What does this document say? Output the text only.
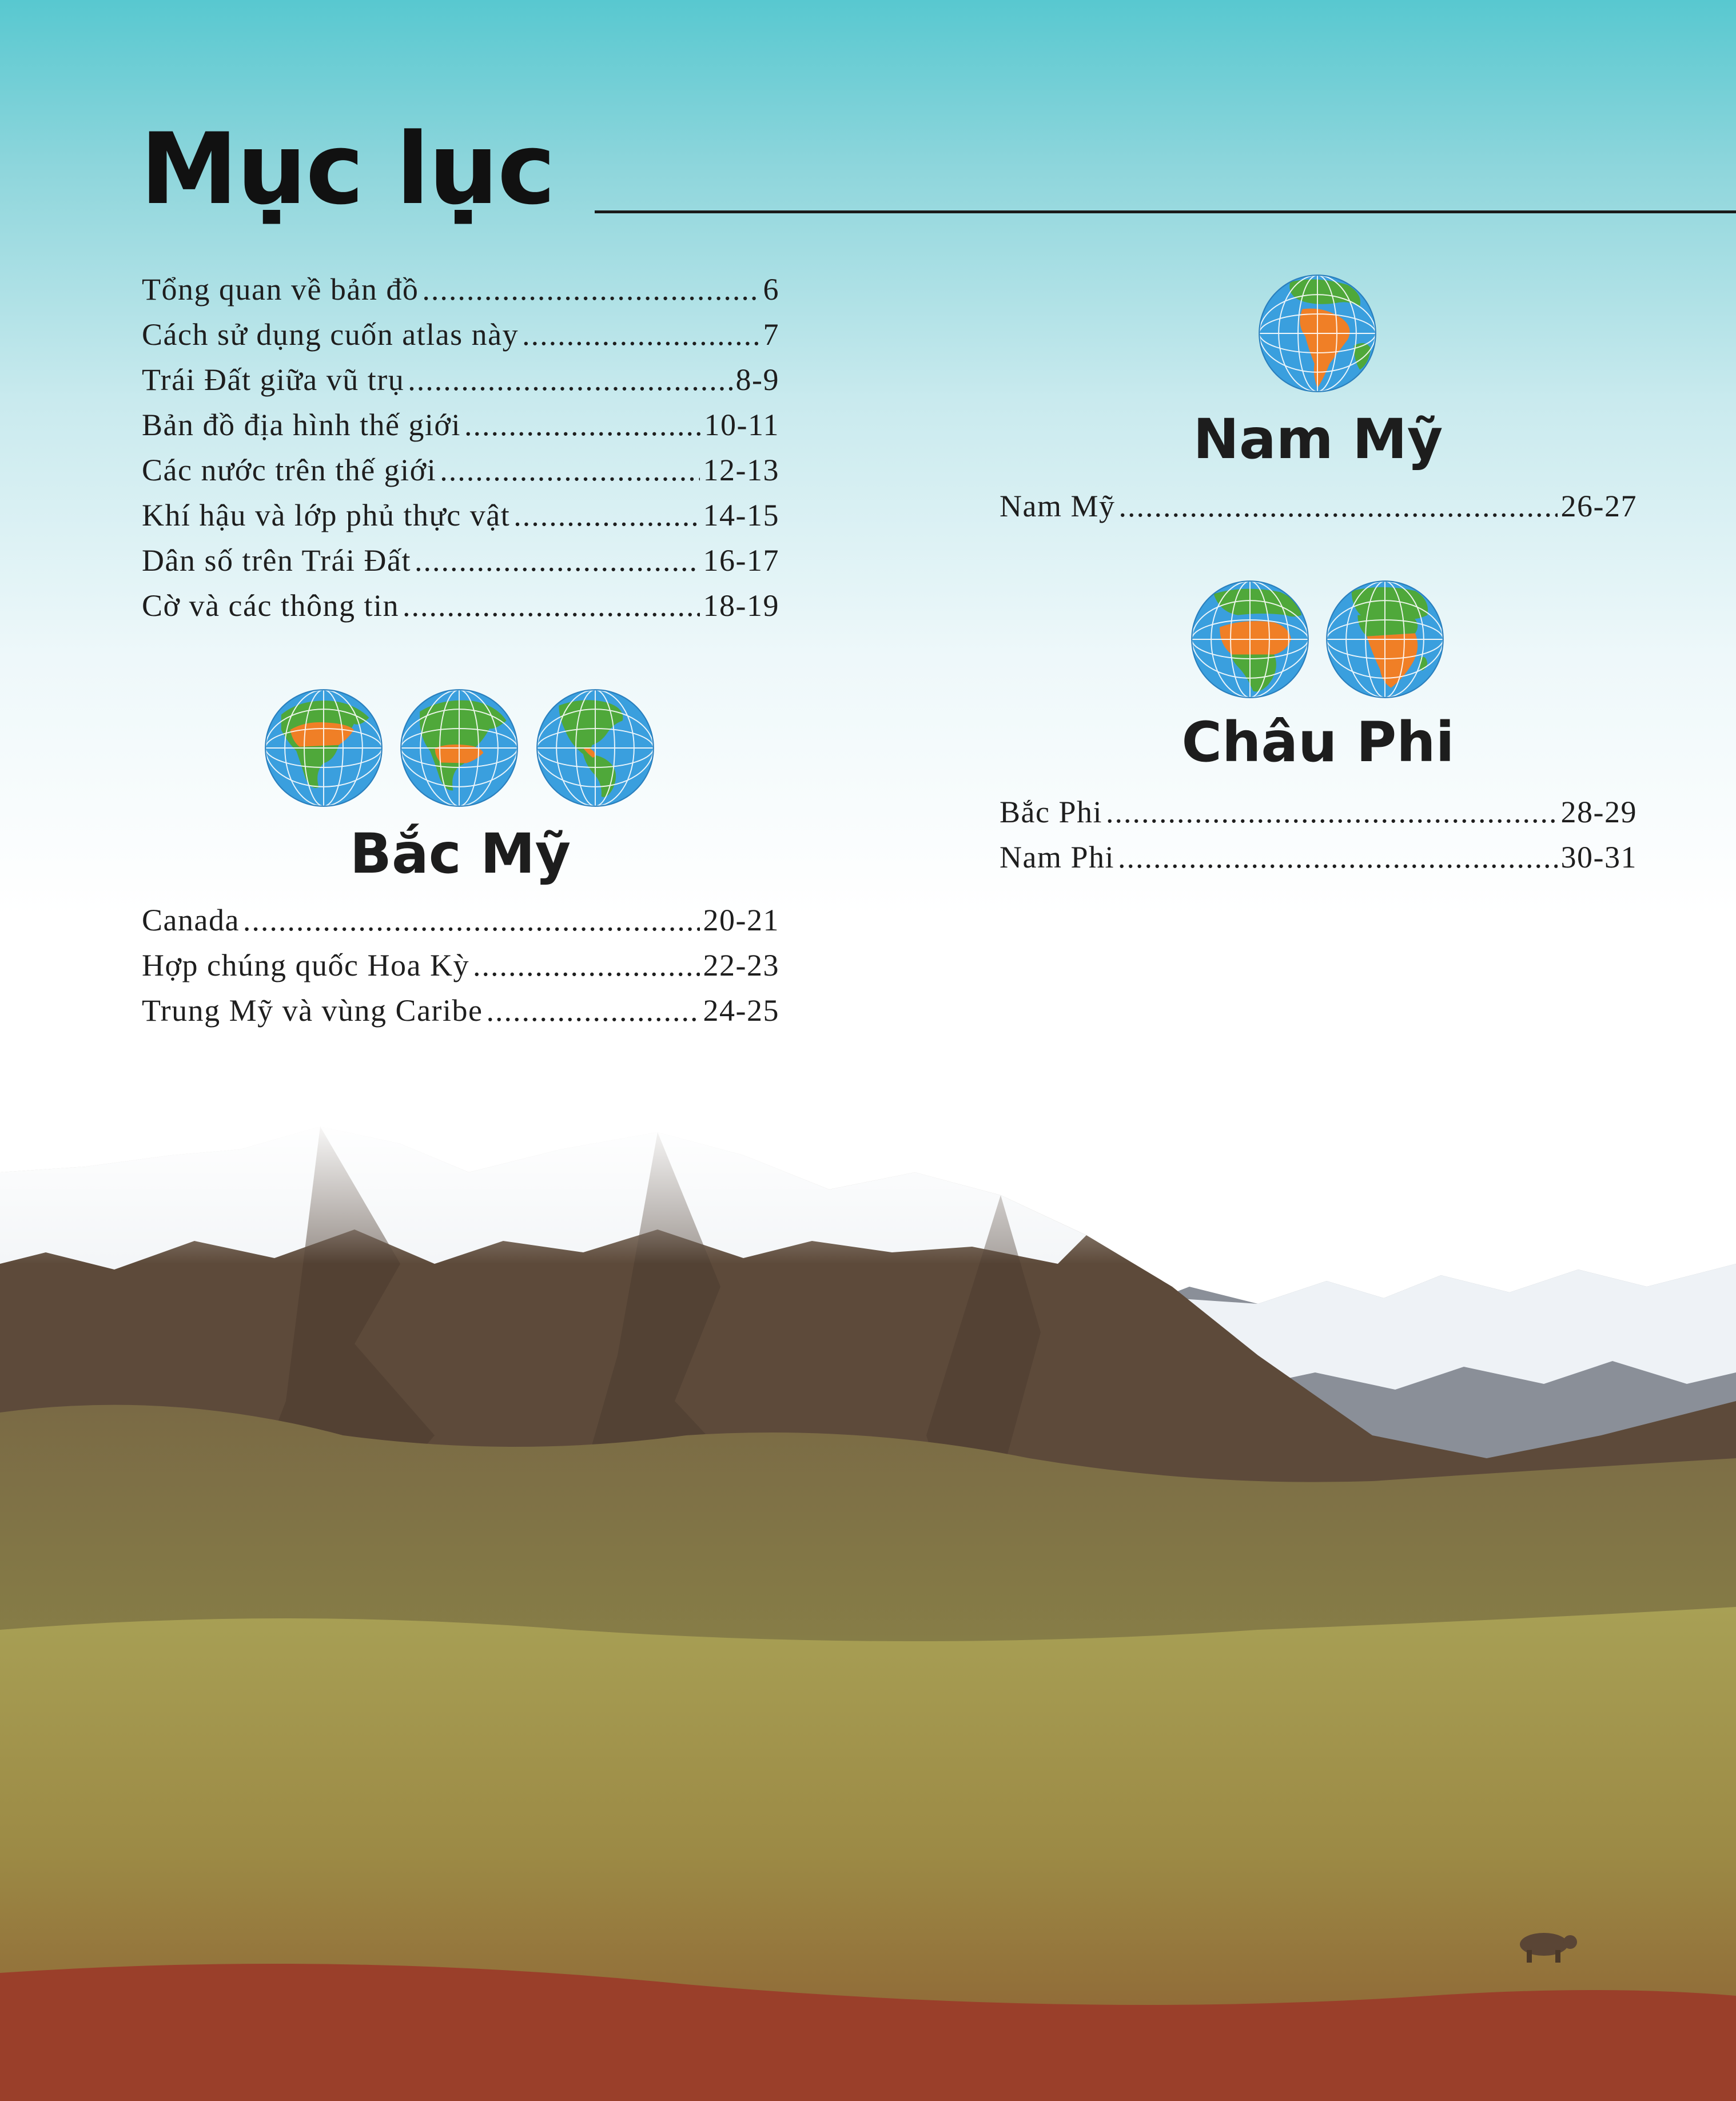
Mục lục
Tổng quan về bản đồ .....	6
Cách sử dụng cuốn atlas này .....	7
Trái Đất giữa vũ trụ .....	8-9
Bản đồ địa hình thế giới .....	10-11
Các nước trên thế giới .....	12-13
Khí hậu và lớp phủ thực vật .....	14-15
Dân số trên Trái Đất .....	16-17
Cờ và các thông tin .....	18-19
Bắc Mỹ
Canada .....	20-21
Hợp chúng quốc Hoa Kỳ .....	22-23
Trung Mỹ và vùng Caribe .....	24-25
Nam Mỹ
Nam Mỹ .....	26-27
Châu Phi
Bắc Phi .....	28-29
Nam Phi .....	30-31
